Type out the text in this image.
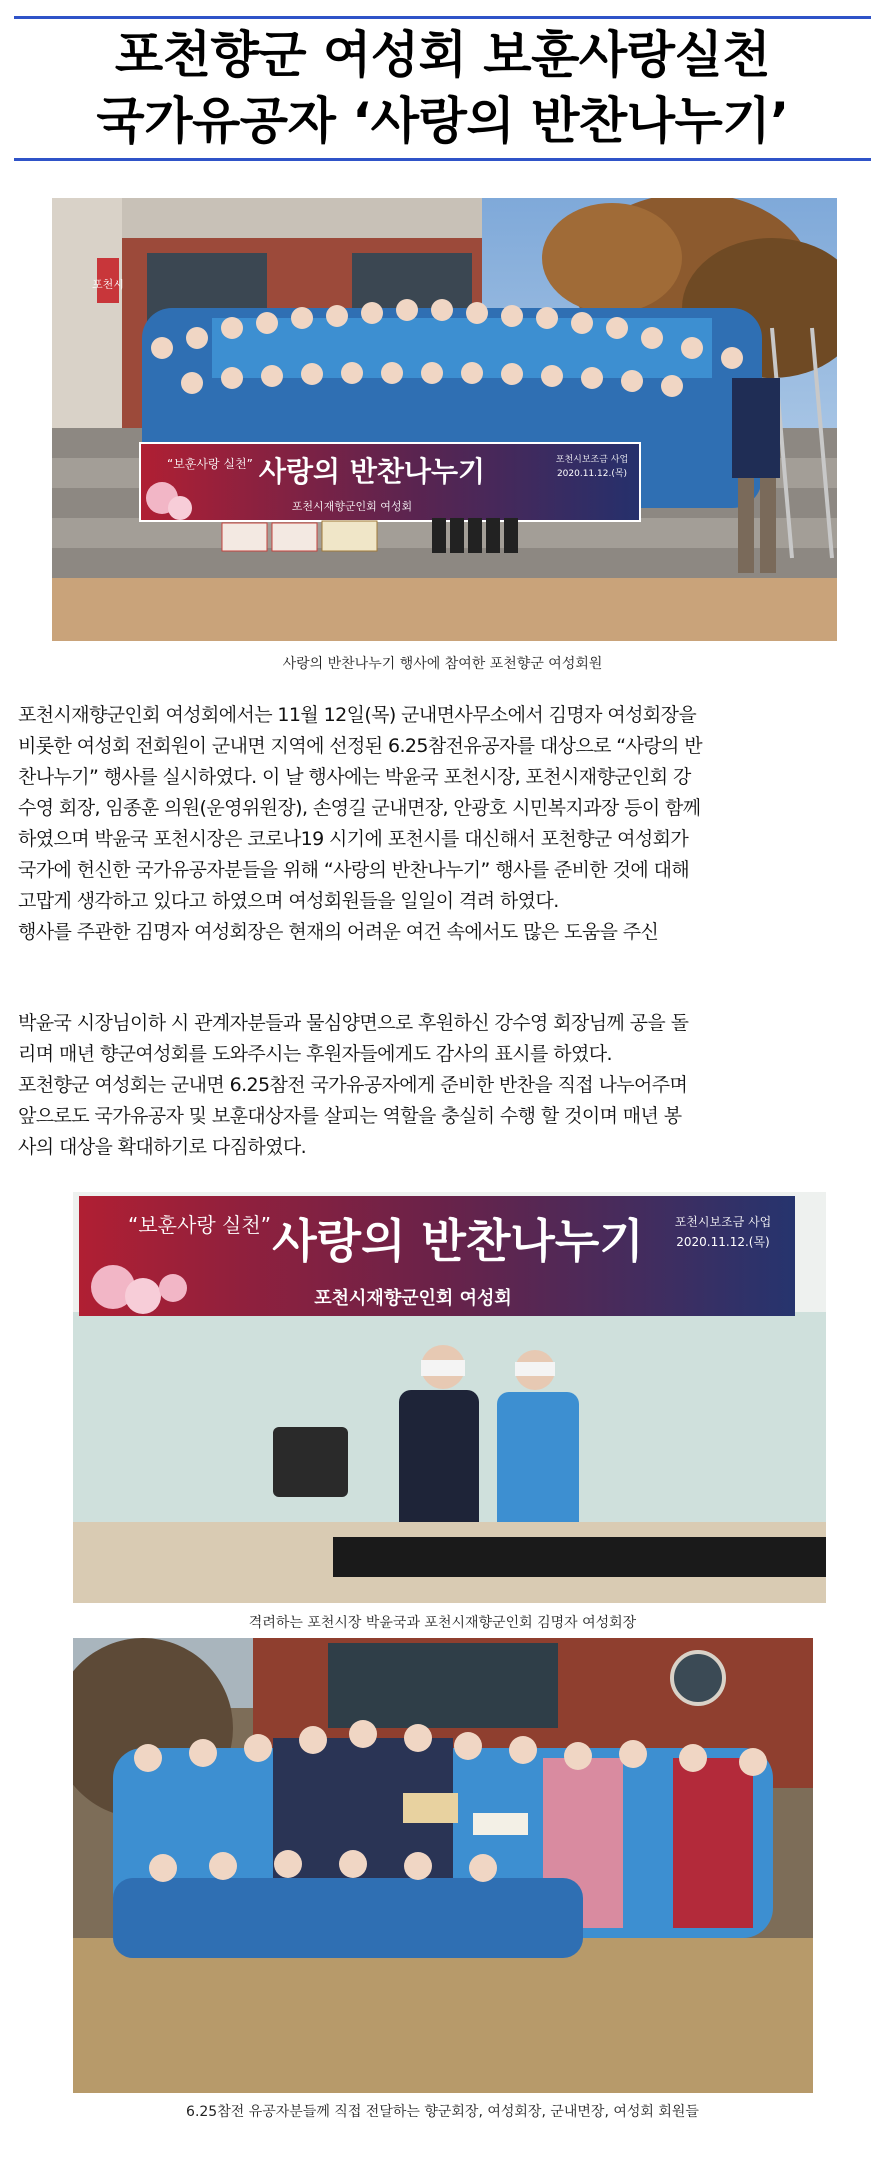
포천향군 여성회 보훈사랑실천
국가유공자 ‘사랑의 반찬나누기’
포천시
“보훈사랑 실천” 사랑의 반찬나누기
포천시재향군인회 여성회
포천시보조금 사업
2020.11.12.(목)
사랑의 반찬나누기 행사에 참여한 포천향군 여성회원
포천시재향군인회 여성회에서는 11월 12일(목) 군내면사무소에서 김명자 여성회장을
비롯한 여성회 전회원이 군내면 지역에 선정된 6.25참전유공자를 대상으로 “사랑의 반
찬나누기” 행사를 실시하였다. 이 날 행사에는 박윤국 포천시장, 포천시재향군인회 강
수영 회장, 임종훈 의원(운영위원장), 손영길 군내면장, 안광호 시민복지과장 등이 함께
하였으며 박윤국 포천시장은 코로나19 시기에 포천시를 대신해서 포천향군 여성회가
국가에 헌신한 국가유공자분들을 위해 “사랑의 반찬나누기” 행사를 준비한 것에 대해
고맙게 생각하고 있다고 하였으며 여성회원들을 일일이 격려 하였다.
행사를 주관한 김명자 여성회장은 현재의 어려운 여건 속에서도 많은 도움을 주신
박윤국 시장님이하 시 관계자분들과 물심양면으로 후원하신 강수영 회장님께 공을 돌
리며 매년 향군여성회를 도와주시는 후원자들에게도 감사의 표시를 하였다.
포천향군 여성회는 군내면 6.25참전 국가유공자에게 준비한 반찬을 직접 나누어주며
앞으로도 국가유공자 및 보훈대상자를 살피는 역할을 충실히 수행 할 것이며 매년 봉
사의 대상을 확대하기로 다짐하였다.
“보훈사랑 실천” 사랑의 반찬나누기
포천시재향군인회 여성회
포천시보조금 사업
2020.11.12.(목)
격려하는 포천시장 박윤국과 포천시재향군인회 김명자 여성회장
6.25참전 유공자분들께 직접 전달하는 향군회장, 여성회장, 군내면장, 여성회 회원들
